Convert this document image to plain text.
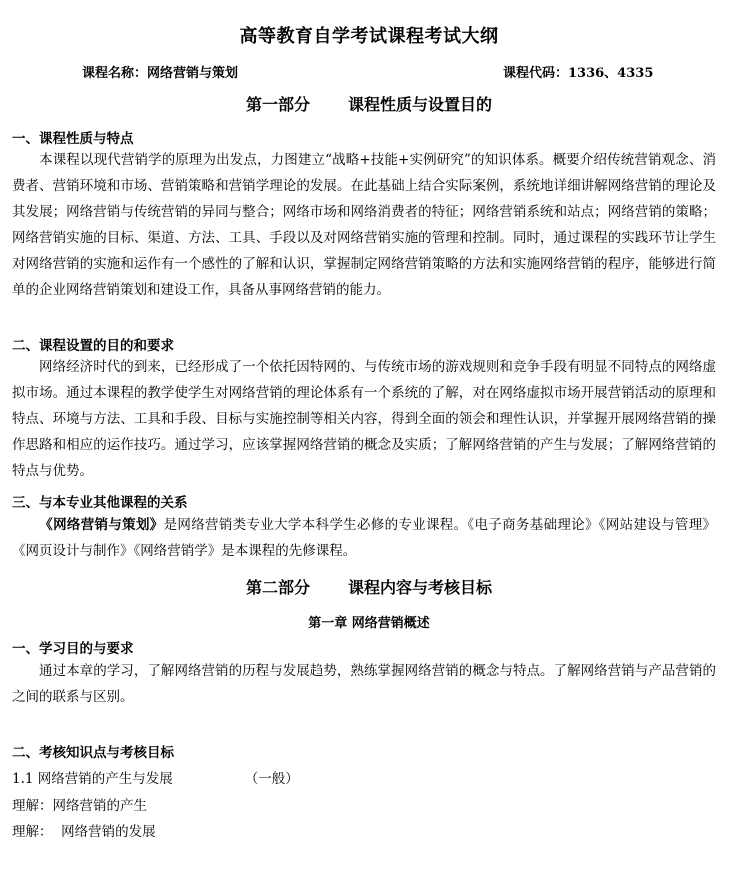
高等教育自学考试课程考试大纲
课程名称：网络营销与策划	课程代码：1336、4335
第一部分 课程性质与设置目的
一、课程性质与特点

本课程以现代营销学的原理为出发点，力图建立“战略+技能+实例研究”的知识体系。概要介绍传统营销观念、消费者、营销环境和市场、营销策略和营销学理论的发展。在此基础上结合实际案例，系统地详细讲解网络营销的理论及其发展；网络营销与传统营销的异同与整合；网络市场和网络消费者的特征；网络营销系统和站点；网络营销的策略；网络营销实施的目标、渠道、方法、工具、手段以及对网络营销实施的管理和控制。同时，通过课程的实践环节让学生对网络营销的实施和运作有一个感性的了解和认识，掌握制定网络营销策略的方法和实施网络营销的程序，能够进行简单的企业网络营销策划和建设工作，具备从事网络营销的能力。

二、课程设置的目的和要求

网络经济时代的到来，已经形成了一个依托因特网的、与传统市场的游戏规则和竞争手段有明显不同特点的网络虚拟市场。通过本课程的教学使学生对网络营销的理论体系有一个系统的了解，对在网络虚拟市场开展营销活动的原理和特点、环境与方法、工具和手段、目标与实施控制等相关内容，得到全面的领会和理性认识，并掌握开展网络营销的操作思路和相应的运作技巧。通过学习，应该掌握网络营销的概念及实质；了解网络营销的产生与发展；了解网络营销的特点与优势。

三、与本专业其他课程的关系

《网络营销与策划》是网络营销类专业大学本科学生必修的专业课程。《电子商务基础理论》《网站建设与管理》《网页设计与制作》《网络营销学》是本课程的先修课程。

第二部分 课程内容与考核目标
第一章 网络营销概述
一、学习目的与要求

通过本章的学习，了解网络营销的历程与发展趋势，熟练掌握网络营销的概念与特点。了解网络营销与产品营销的之间的联系与区别。

二、考核知识点与考核目标
1.1 网络营销的产生与发展	（一般）
理解：网络营销的产生
理解：  网络营销的发展
